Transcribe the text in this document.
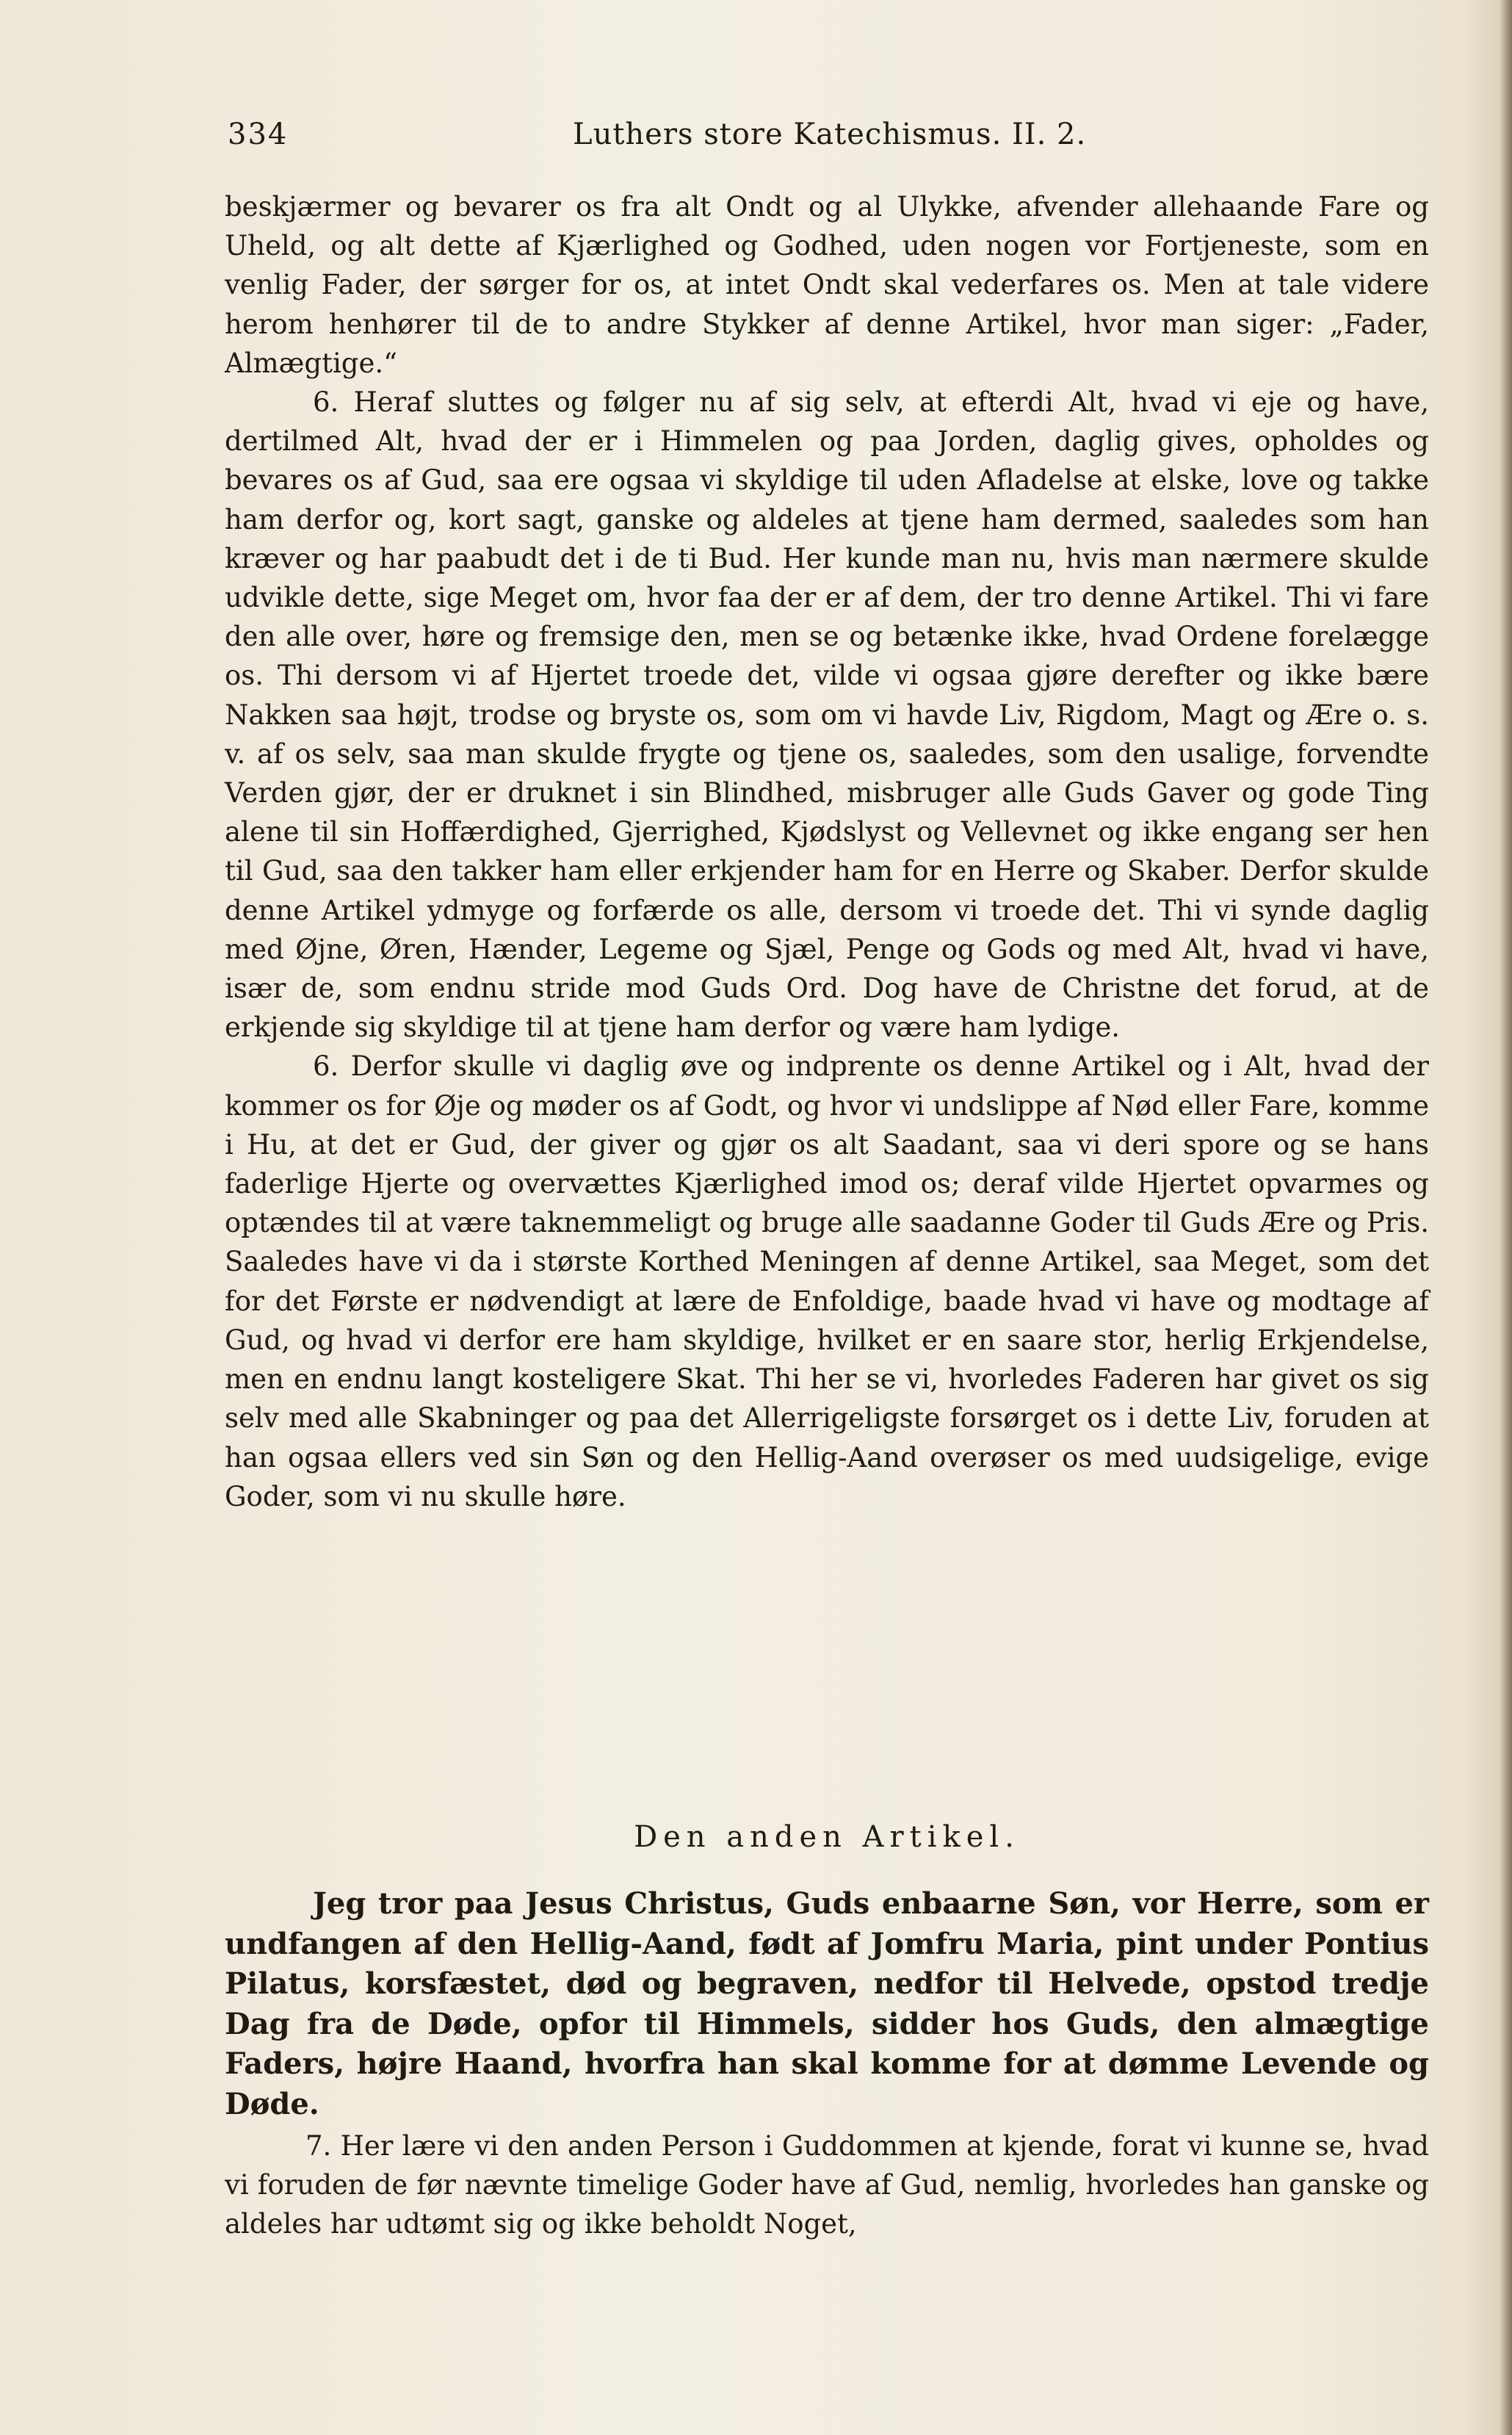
334	Luthers store Katechismus. II. 2.

beskjærmer og bevarer os fra alt Ondt og al Ulykke, afvender allehaande Fare og Uheld, og alt dette af Kjærlighed og Godhed, uden nogen vor Fortjeneste, som en venlig Fader, der sørger for os, at intet Ondt skal vederfares os. Men at tale videre herom henhører til de to andre Stykker af denne Artikel, hvor man siger: „Fader, Almægtige.“

6. Heraf sluttes og følger nu af sig selv, at efterdi Alt, hvad vi eje og have, dertilmed Alt, hvad der er i Himmelen og paa Jorden, daglig gives, opholdes og bevares os af Gud, saa ere ogsaa vi skyldige til uden Afladelse at elske, love og takke ham derfor og, kort sagt, ganske og aldeles at tjene ham dermed, saaledes som han kræver og har paabudt det i de ti Bud. Her kunde man nu, hvis man nærmere skulde udvikle dette, sige Meget om, hvor faa der er af dem, der tro denne Artikel. Thi vi fare den alle over, høre og fremsige den, men se og betænke ikke, hvad Ordene forelægge os. Thi dersom vi af Hjertet troede det, vilde vi ogsaa gjøre derefter og ikke bære Nakken saa højt, trodse og bryste os, som om vi havde Liv, Rigdom, Magt og Ære o. s. v. af os selv, saa man skulde frygte og tjene os, saaledes, som den usalige, forvendte Verden gjør, der er druknet i sin Blindhed, misbruger alle Guds Gaver og gode Ting alene til sin Hoffærdighed, Gjerrighed, Kjødslyst og Vellevnet og ikke engang ser hen til Gud, saa den takker ham eller erkjender ham for en Herre og Skaber. Derfor skulde denne Artikel ydmyge og forfærde os alle, dersom vi troede det. Thi vi synde daglig med Øjne, Øren, Hænder, Legeme og Sjæl, Penge og Gods og med Alt, hvad vi have, især de, som endnu stride mod Guds Ord. Dog have de Christne det forud, at de erkjende sig skyldige til at tjene ham derfor og være ham lydige.

6. Derfor skulle vi daglig øve og indprente os denne Artikel og i Alt, hvad der kommer os for Øje og møder os af Godt, og hvor vi undslippe af Nød eller Fare, komme i Hu, at det er Gud, der giver og gjør os alt Saadant, saa vi deri spore og se hans faderlige Hjerte og overvættes Kjærlighed imod os; deraf vilde Hjertet opvarmes og optændes til at være taknemmeligt og bruge alle saadanne Goder til Guds Ære og Pris. Saaledes have vi da i største Korthed Meningen af denne Artikel, saa Meget, som det for det Første er nødvendigt at lære de Enfoldige, baade hvad vi have og modtage af Gud, og hvad vi derfor ere ham skyldige, hvilket er en saare stor, herlig Erkjendelse, men en endnu langt kosteligere Skat. Thi her se vi, hvorledes Faderen har givet os sig selv med alle Skabninger og paa det Allerrigeligste forsørget os i dette Liv, foruden at han ogsaa ellers ved sin Søn og den Hellig-Aand overøser os med uudsigelige, evige Goder, som vi nu skulle høre.

Den anden Artikel.

Jeg tror paa Jesus Christus, Guds enbaarne Søn, vor Herre, som er undfangen af den Hellig-Aand, født af Jomfru Maria, pint under Pontius Pilatus, korsfæstet, død og begraven, nedfor til Helvede, opstod tredje Dag fra de Døde, opfor til Himmels, sidder hos Guds, den almægtige Faders, højre Haand, hvorfra han skal komme for at dømme Levende og Døde.

7. Her lære vi den anden Person i Guddommen at kjende, forat vi kunne se, hvad vi foruden de før nævnte timelige Goder have af Gud, nemlig, hvorledes han ganske og aldeles har udtømt sig og ikke beholdt Noget,
